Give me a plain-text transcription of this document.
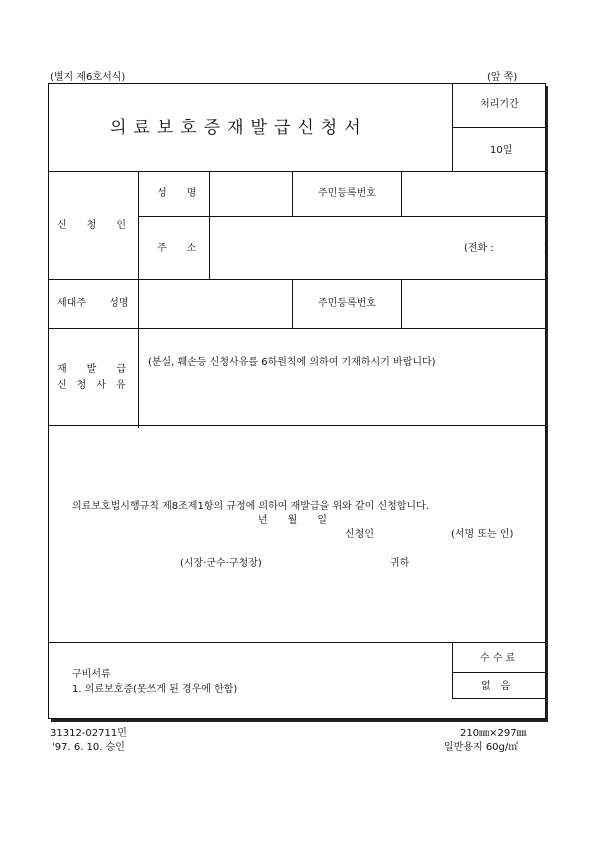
(별지 제6호서식)	(앞 쪽)
의료보호증재발급신청서
처리기간
10일
신　　청　　인
성　　명	주민등록번호
주　　소	(전화 :　　　　　)
세대주　　 성명	주민등록번호
재　　발　　급
신　청　사　유
(분실, 훼손등 신청사유를 6하원칙에 의하여 기재하시기 바랍니다)
의료보호법시행규칙 제8조제1항의 규정에 의하여 재발급을 위와 같이 신청합니다.
년　　월　　일
신청인	(서명 또는 인)
(시장·군수·구청장)	귀하
구비서류
1. 의료보호증(못쓰게 된 경우에 한함)
수 수 료
없　음
31312-02711민
'97. 6. 10. 승인
210㎜×297㎜
일반용지 60g/㎡
